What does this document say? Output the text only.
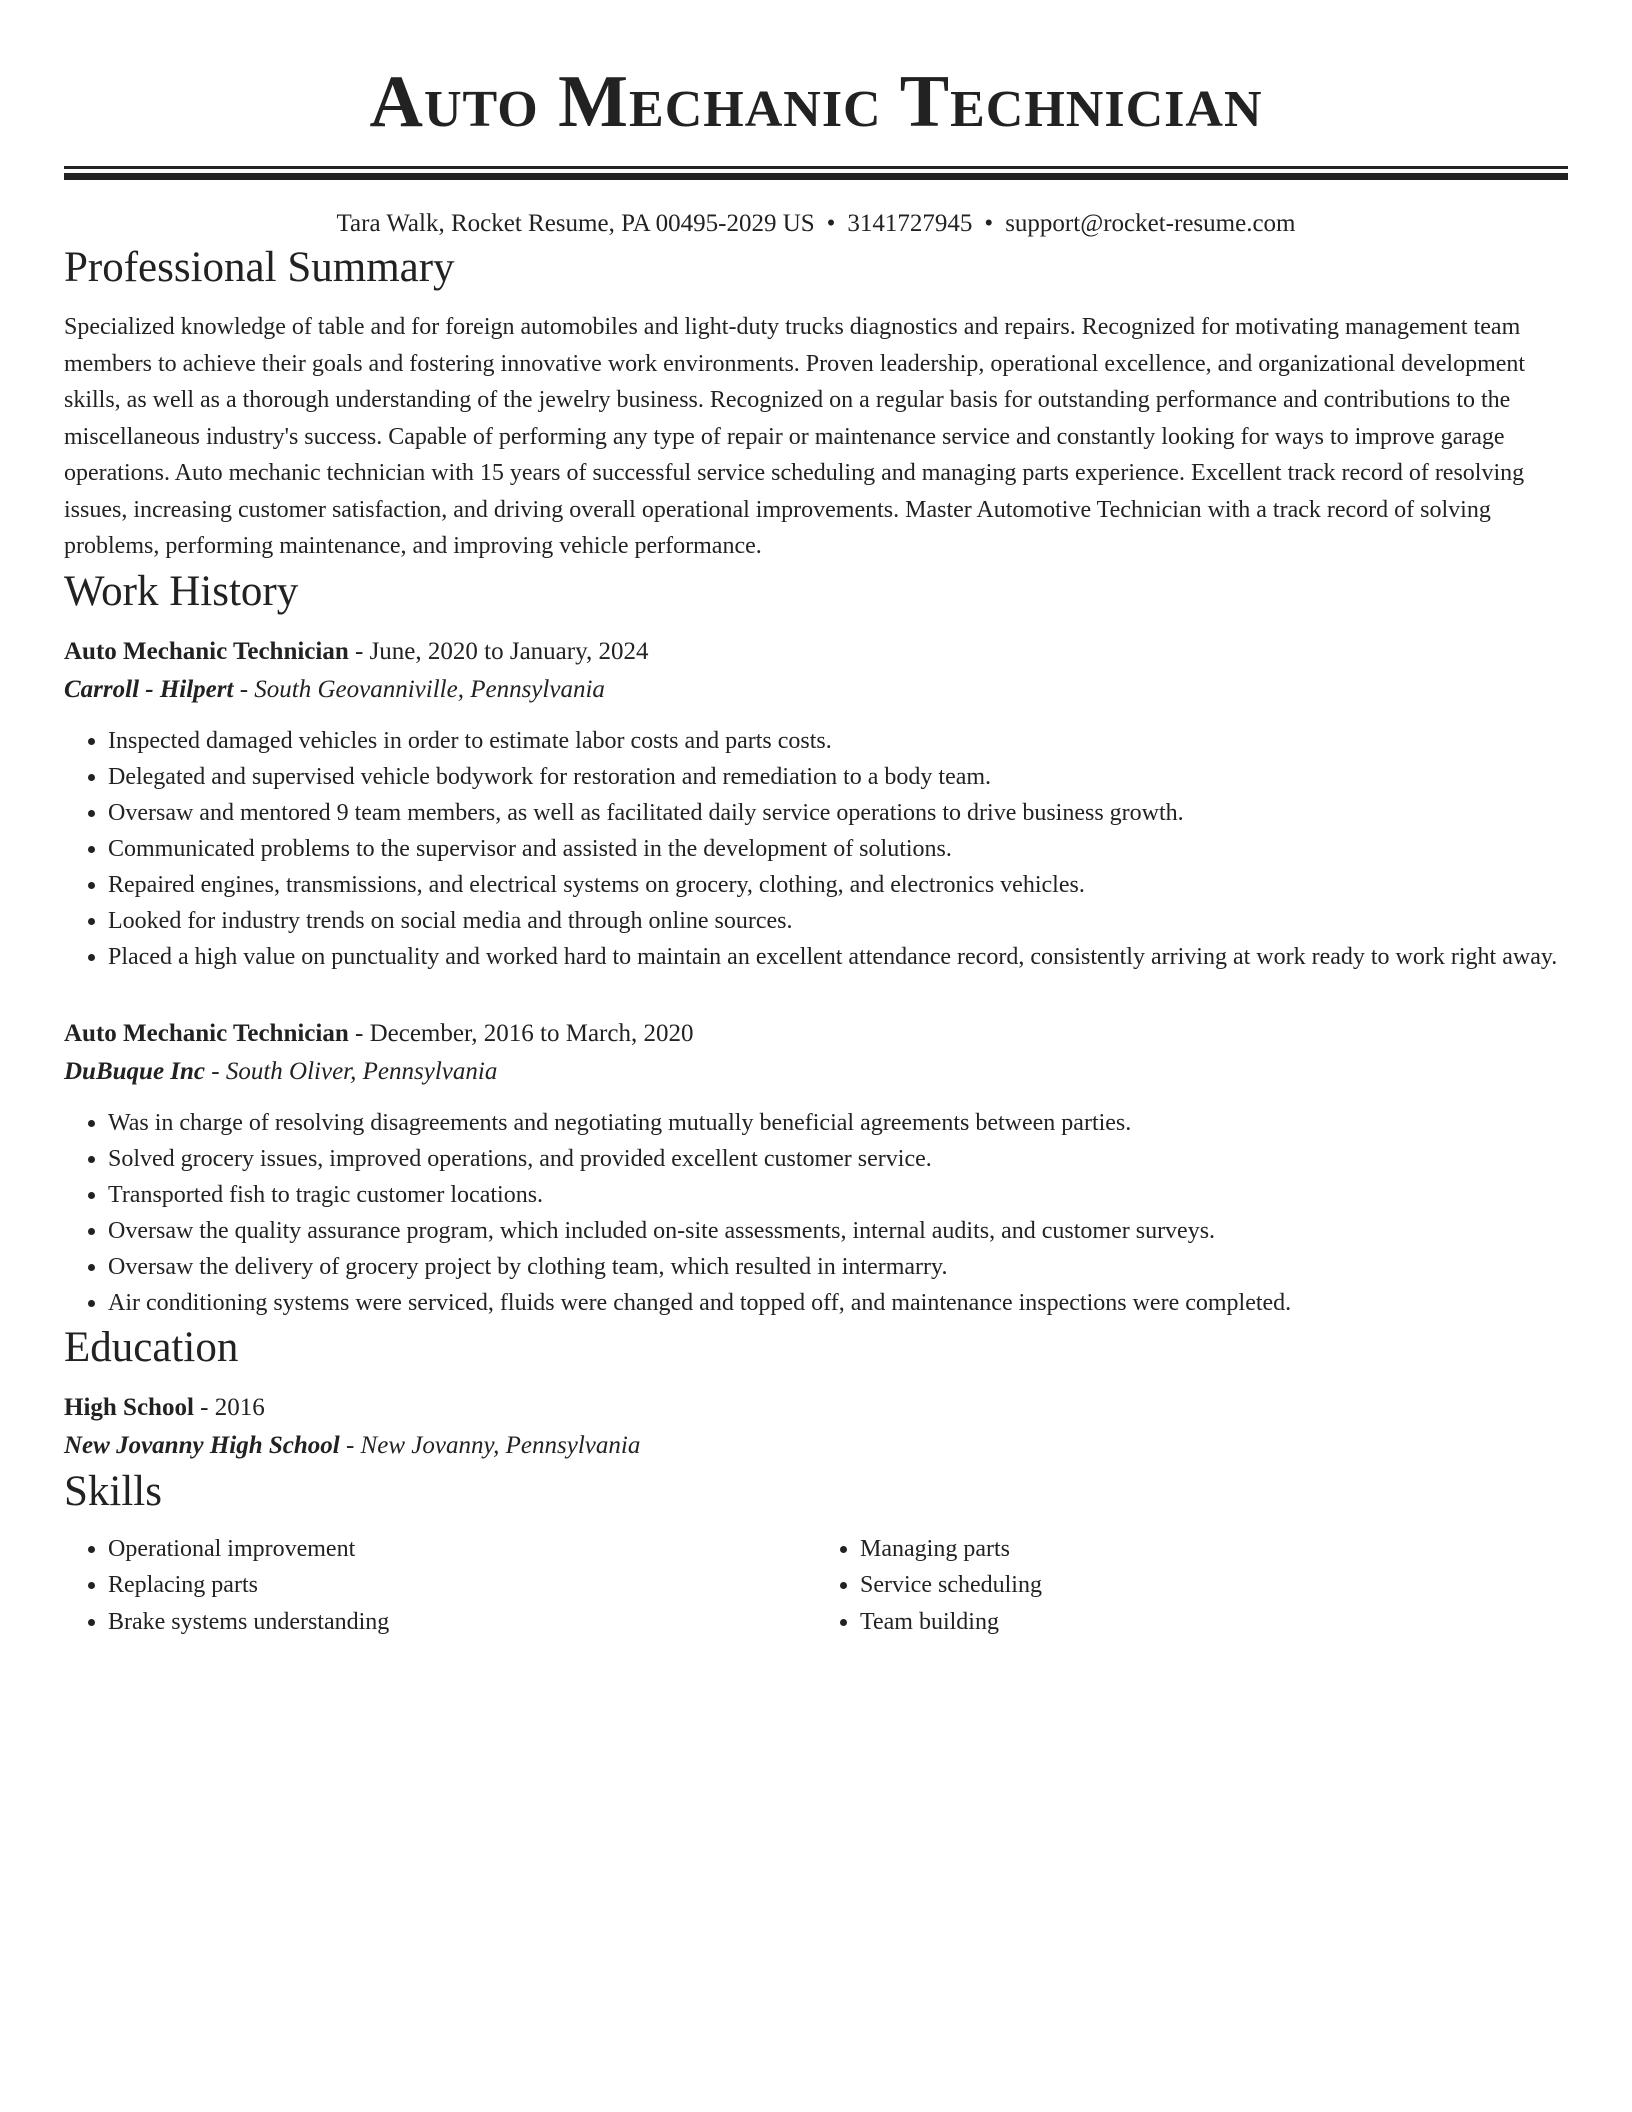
Auto Mechanic Technician
Tara Walk, Rocket Resume, PA 00495-2029 US • 3141727945 • support@rocket-resume.com
Professional Summary

Specialized knowledge of table and for foreign automobiles and light-duty trucks diagnostics and repairs. Recognized for motivating management team members to achieve their goals and fostering innovative work environments. Proven leadership, operational excellence, and organizational development skills, as well as a thorough understanding of the jewelry business. Recognized on a regular basis for outstanding performance and contributions to the miscellaneous industry's success. Capable of performing any type of repair or maintenance service and constantly looking for ways to improve garage operations. Auto mechanic technician with 15 years of successful service scheduling and managing parts experience. Excellent track record of resolving issues, increasing customer satisfaction, and driving overall operational improvements. Master Automotive Technician with a track record of solving problems, performing maintenance, and improving vehicle performance.

Work History
Auto Mechanic Technician - June, 2020 to January, 2024
Carroll - Hilpert - South Geovanniville, Pennsylvania
• Inspected damaged vehicles in order to estimate labor costs and parts costs.
• Delegated and supervised vehicle bodywork for restoration and remediation to a body team.
• Oversaw and mentored 9 team members, as well as facilitated daily service operations to drive business growth.
• Communicated problems to the supervisor and assisted in the development of solutions.
• Repaired engines, transmissions, and electrical systems on grocery, clothing, and electronics vehicles.
• Looked for industry trends on social media and through online sources.
• Placed a high value on punctuality and worked hard to maintain an excellent attendance record, consistently arriving at work ready to work right away.
Auto Mechanic Technician - December, 2016 to March, 2020
DuBuque Inc - South Oliver, Pennsylvania
• Was in charge of resolving disagreements and negotiating mutually beneficial agreements between parties.
• Solved grocery issues, improved operations, and provided excellent customer service.
• Transported fish to tragic customer locations.
• Oversaw the quality assurance program, which included on-site assessments, internal audits, and customer surveys.
• Oversaw the delivery of grocery project by clothing team, which resulted in intermarry.
• Air conditioning systems were serviced, fluids were changed and topped off, and maintenance inspections were completed.
Education
High School - 2016
New Jovanny High School - New Jovanny, Pennsylvania
Skills
• Operational improvement
• Replacing parts
• Brake systems understanding
• Managing parts
• Service scheduling
• Team building
